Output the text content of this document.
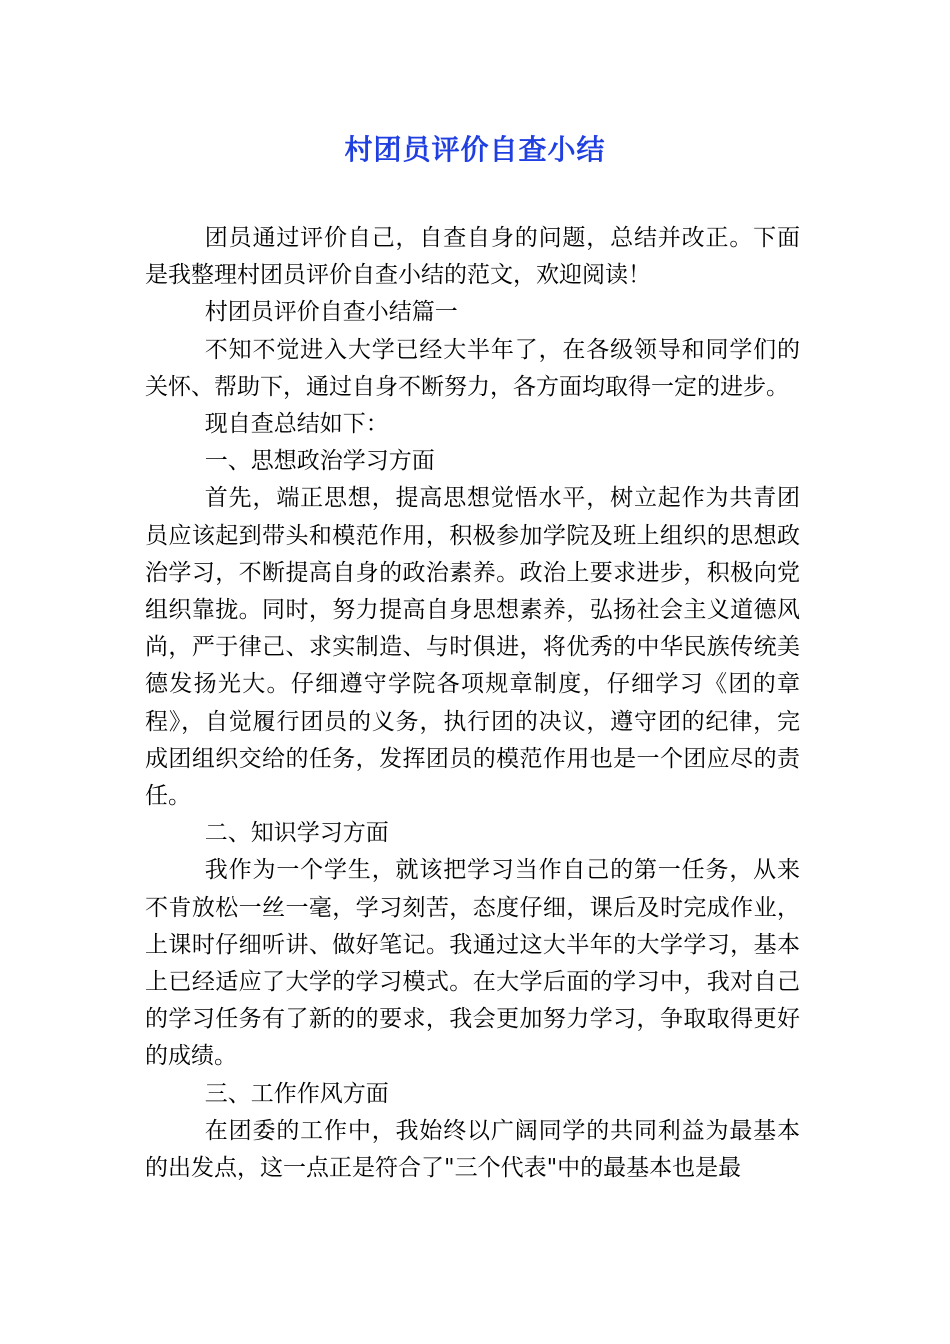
村团员评价自查小结

团员通过评价自己，自查自身的问题，总结并改正。下面是我整理村团员评价自查小结的范文，欢迎阅读！

村团员评价自查小结篇一

不知不觉进入大学已经大半年了，在各级领导和同学们的关怀、帮助下，通过自身不断努力，各方面均取得一定的进步。

现自查总结如下：

一、思想政治学习方面

首先，端正思想，提高思想觉悟水平，树立起作为共青团员应该起到带头和模范作用，积极参加学院及班上组织的思想政治学习，不断提高自身的政治素养。政治上要求进步，积极向党组织靠拢。同时，努力提高自身思想素养，弘扬社会主义道德风尚，严于律己、求实制造、与时俱进，将优秀的中华民族传统美德发扬光大。仔细遵守学院各项规章制度，仔细学习《团的章程》，自觉履行团员的义务，执行团的决议，遵守团的纪律，完成团组织交给的任务，发挥团员的模范作用也是一个团应尽的责任。

二、知识学习方面

我作为一个学生，就该把学习当作自己的第一任务，从来不肯放松一丝一毫，学习刻苦，态度仔细，课后及时完成作业，上课时仔细听讲、做好笔记。我通过这大半年的大学学习，基本上已经适应了大学的学习模式。在大学后面的学习中，我对自己的学习任务有了新的的要求，我会更加努力学习，争取取得更好的成绩。

三、工作作风方面

在团委的工作中，我始终以广阔同学的共同利益为最基本的出发点，这一点正是符合了"三个代表"中的最基本也是最
